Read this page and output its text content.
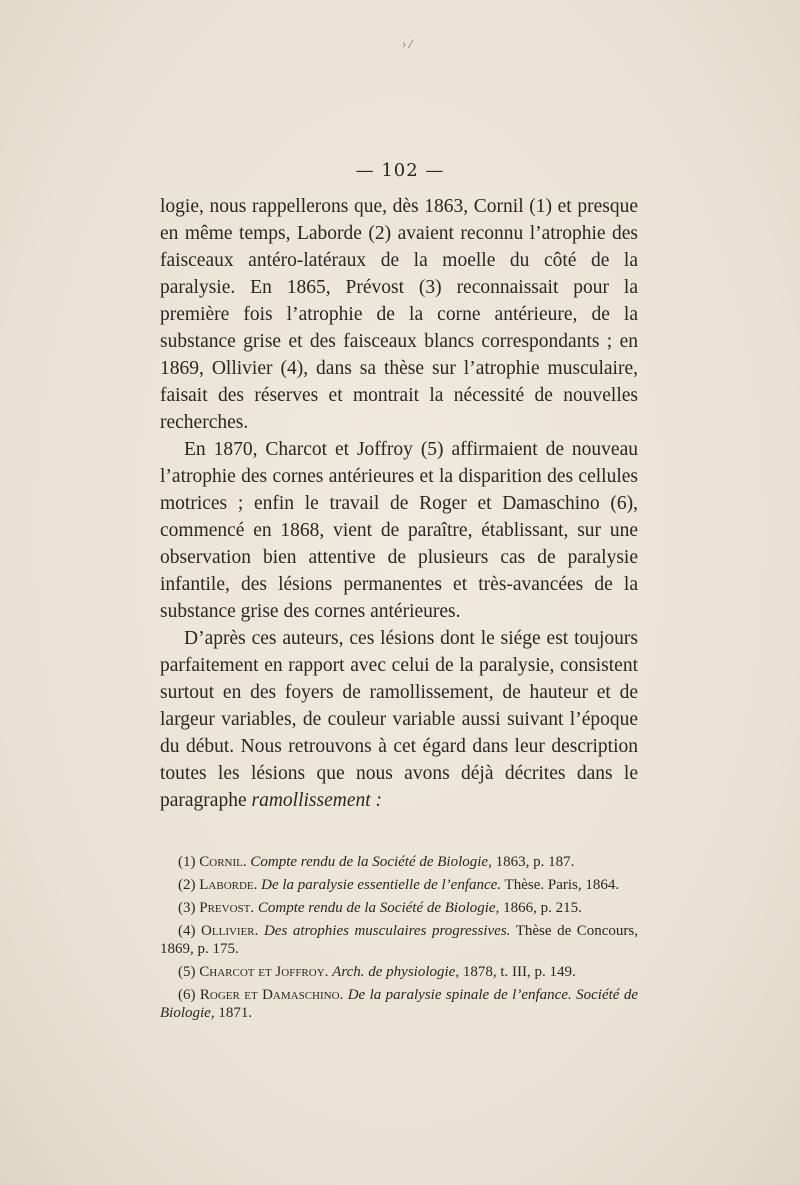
› ⁄
— 102 —

logie, nous rappellerons que, dès 1863, Cornil (1) et presque en même temps, Laborde (2) avaient reconnu l’atrophie des faisceaux antéro-latéraux de la moelle du côté de la paralysie. En 1865, Prévost (3) reconnaissait pour la première fois l’atrophie de la corne antérieure, de la substance grise et des faisceaux blancs correspondants ; en 1869, Ollivier (4), dans sa thèse sur l’atrophie musculaire, faisait des réserves et montrait la nécessité de nouvelles recherches.

En 1870, Charcot et Joffroy (5) affirmaient de nouveau l’atrophie des cornes antérieures et la disparition des cellules motrices ; enfin le travail de Roger et Damaschino (6), commencé en 1868, vient de paraître, établissant, sur une observation bien attentive de plusieurs cas de paralysie infantile, des lésions permanentes et très-avancées de la substance grise des cornes antérieures.

D’après ces auteurs, ces lésions dont le siége est toujours parfaitement en rapport avec celui de la paralysie, consistent surtout en des foyers de ramollissement, de hauteur et de largeur variables, de couleur variable aussi suivant l’époque du début. Nous retrouvons à cet égard dans leur description toutes les lésions que nous avons déjà décrites dans le paragraphe ramollissement :

(1) Cornil. Compte rendu de la Société de Biologie, 1863, p. 187.

(2) Laborde. De la paralysie essentielle de l’enfance. Thèse. Paris, 1864.

(3) Prevost. Compte rendu de la Société de Biologie, 1866, p. 215.

(4) Ollivier. Des atrophies musculaires progressives. Thèse de Concours, 1869, p. 175.

(5) Charcot et Joffroy. Arch. de physiologie, 1878, t. III, p. 149.

(6) Roger et Damaschino. De la paralysie spinale de l’enfance. Société de Biologie, 1871.
